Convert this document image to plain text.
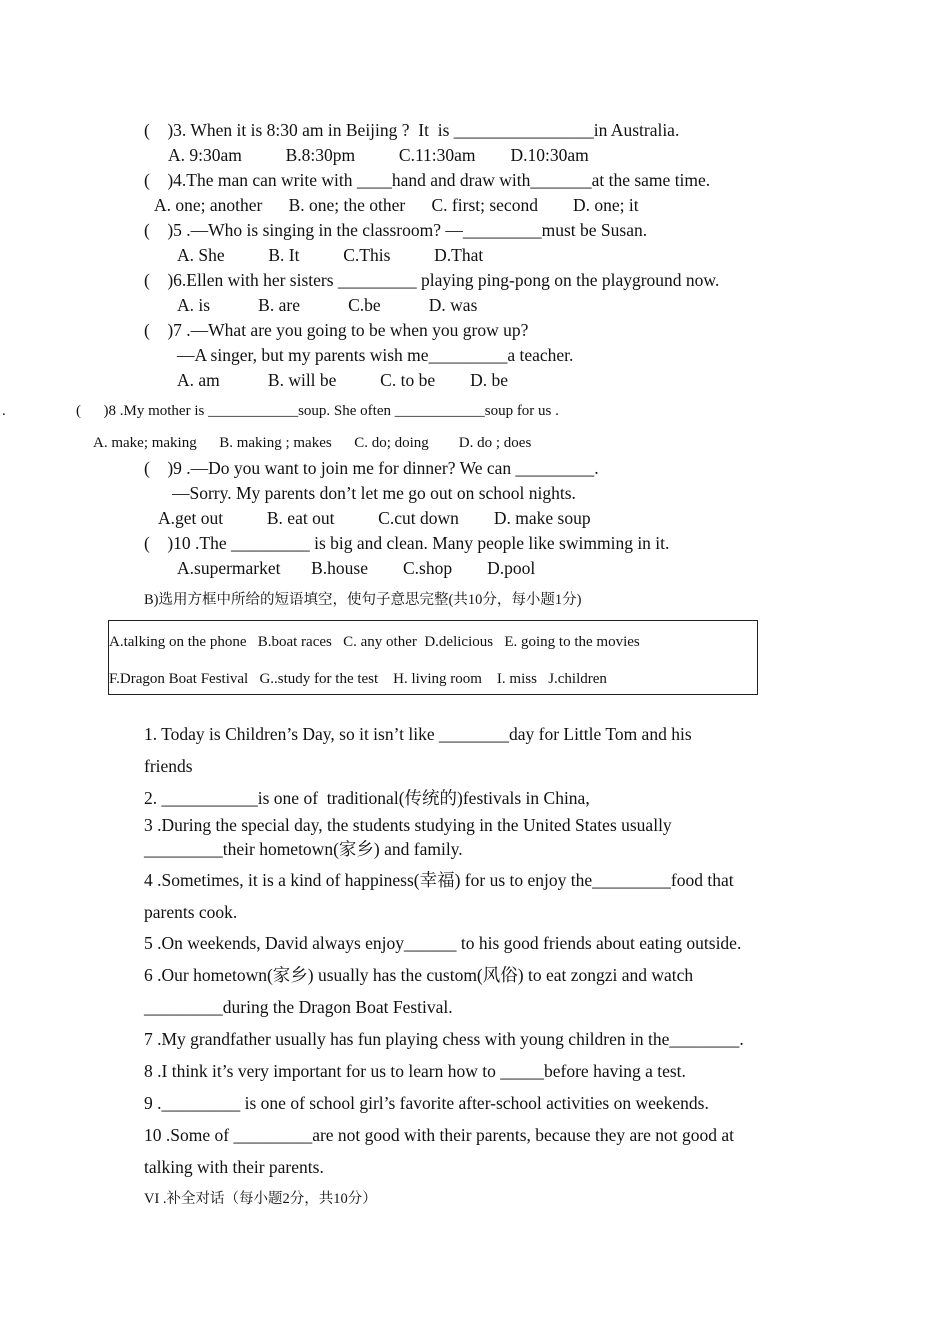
(    )3. When it is 8:30 am in Beijing ?  It  is ________________in Australia.
A. 9:30am          B.8:30pm          C.11:30am        D.10:30am
(    )4.The man can write with ____hand and draw with_______at the same time.
A. one; another      B. one; the other      C. first; second        D. one; it
(    )5 .—Who is singing in the classroom? —_________must be Susan.
A. She          B. It          C.This          D.That
(    )6.Ellen with her sisters _________ playing ping-pong on the playground now.
A. is           B. are           C.be           D. was
(    )7 .—What are you going to be when you grow up?
—A singer, but my parents wish me_________a teacher.
A. am           B. will be          C. to be        D. be
.	(      )8 .My mother is ____________soup. She often ____________soup for us .
A. make; making      B. making ; makes      C. do; doing        D. do ; does
(    )9 .—Do you want to join me for dinner? We can _________.
—Sorry. My parents don’t let me go out on school nights.
A.get out          B. eat out          C.cut down        D. make soup
(    )10 .The _________ is big and clean. Many people like swimming in it.
A.supermarket       B.house        C.shop        D.pool
B)选用方框中所给的短语填空，使句子意思完整(共10分，每小题1分)
A.talking on the phone   B.boat races   C. any other  D.delicious   E. going to the movies
F.Dragon Boat Festival   G..study for the test    H. living room    I. miss   J.children
1. Today is Children’s Day, so it isn’t like ________day for Little Tom and his
friends
2. ___________is one of  traditional(传统的)festivals in China,
3 .During the special day, the students studying in the United States usually
_________their hometown(家乡) and family.
4 .Sometimes, it is a kind of happiness(幸福) for us to enjoy the_________food that
parents cook.
5 .On weekends, David always enjoy______ to his good friends about eating outside.
6 .Our hometown(家乡) usually has the custom(风俗) to eat zongzi and watch
_________during the Dragon Boat Festival.
7 .My grandfather usually has fun playing chess with young children in the________.
8 .I think it’s very important for us to learn how to _____before having a test.
9 ._________ is one of school girl’s favorite after-school activities on weekends.
10 .Some of _________are not good with their parents, because they are not good at
talking with their parents.
VI .补全对话（每小题2分，共10分）
